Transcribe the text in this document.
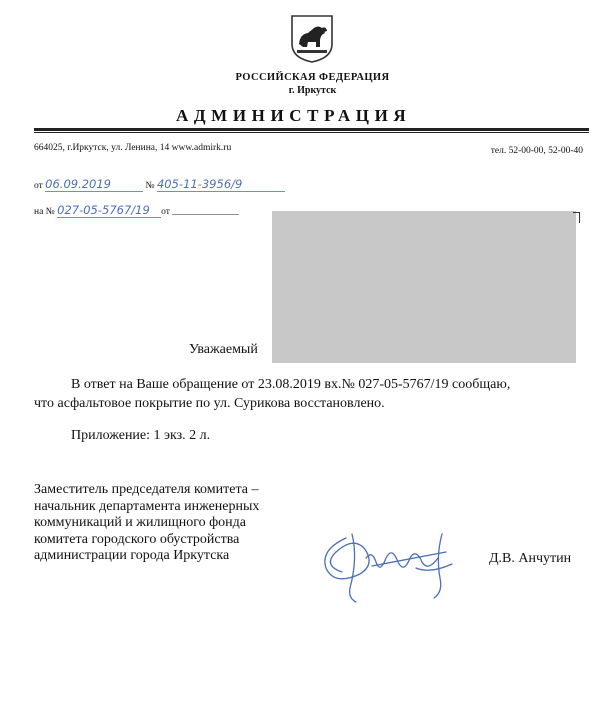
РОССИЙСКАЯ ФЕДЕРАЦИЯ
г. Иркутск
АДМИНИСТРАЦИЯ
664025, г.Иркутск, ул. Ленина, 14 www.admirk.ru	тел. 52-00-00, 52-00-40
от 06.09.2019	№ 405-11-3956/9
на № 027-05-5767/19 от ______________
Уважаемый

В ответ на Ваше обращение от 23.08.2019 вх.№ 027-05-5767/19 сообщаю,

что асфальтовое покрытие по ул. Сурикова восстановлено.

Приложение: 1 экз. 2 л.
Заместитель председателя комитета –
начальник департамента инженерных
коммуникаций и жилищного фонда
комитета городского обустройства
администрации города Иркутска	Д.В. Анчутин
